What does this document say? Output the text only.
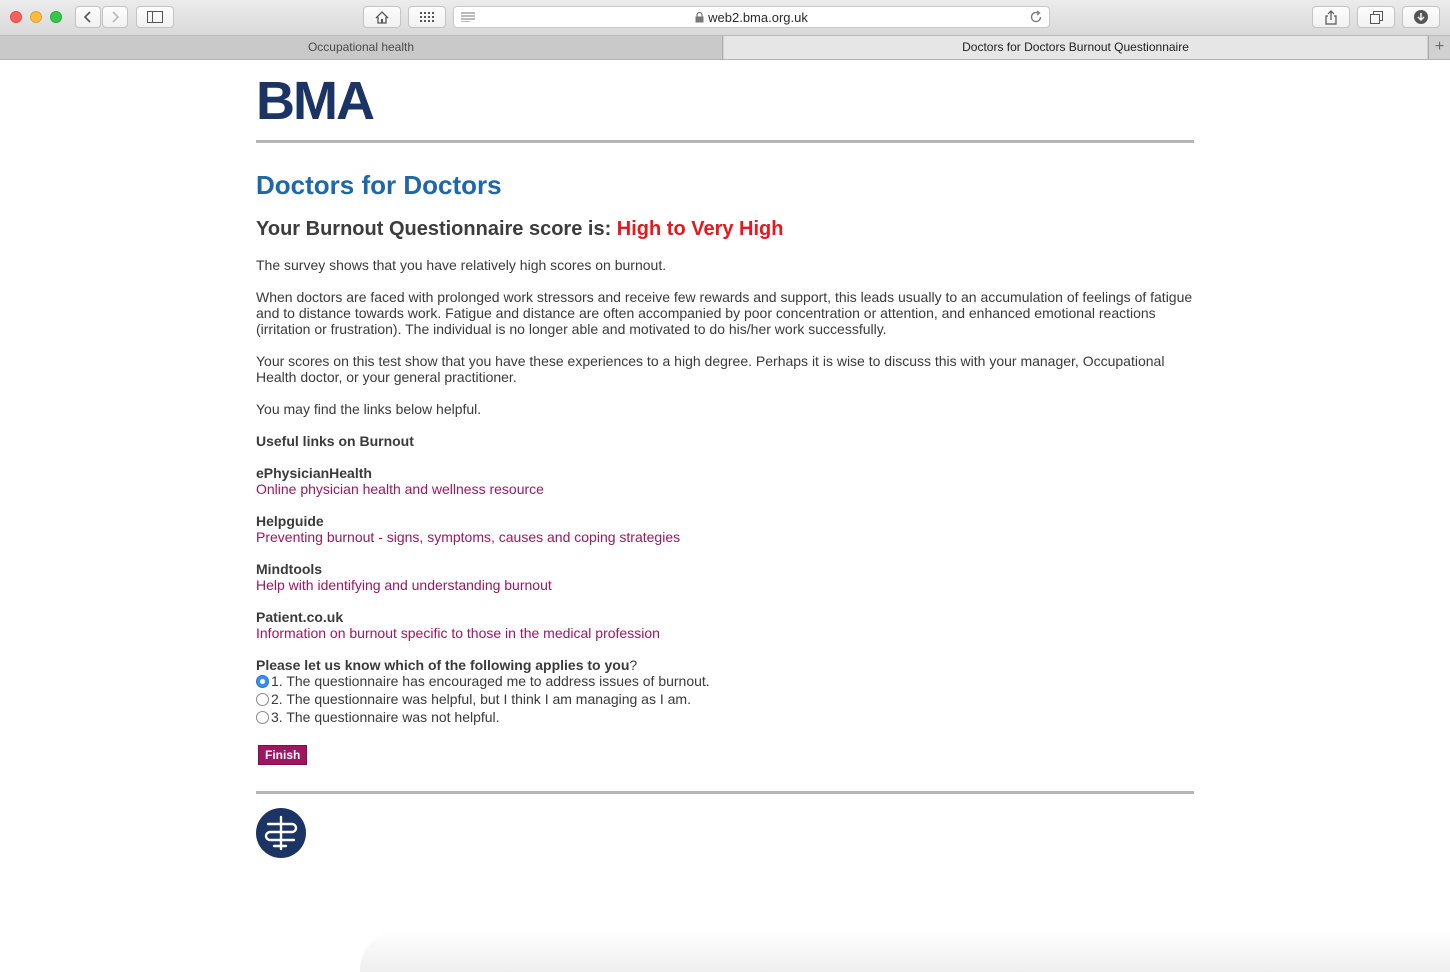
web2.bma.org.uk
Occupational health	Doctors for Doctors Burnout Questionnaire	+
BMA
Doctors for Doctors
Your Burnout Questionnaire score is: High to Very High
The survey shows that you have relatively high scores on burnout.
When doctors are faced with prolonged work stressors and receive few rewards and support, this leads usually to an accumulation of feelings of fatigue and to distance towards work. Fatigue and distance are often accompanied by poor concentration or attention, and enhanced emotional reactions (irritation or frustration). The individual is no longer able and motivated to do his/her work successfully.
Your scores on this test show that you have these experiences to a high degree. Perhaps it is wise to discuss this with your manager, Occupational Health doctor, or your general practitioner.
You may find the links below helpful.
Useful links on Burnout
ePhysicianHealth
Online physician health and wellness resource
Helpguide
Preventing burnout - signs, symptoms, causes and coping strategies
Mindtools
Help with identifying and understanding burnout
Patient.co.uk
Information on burnout specific to those in the medical profession
Please let us know which of the following applies to you?
1. The questionnaire has encouraged me to address issues of burnout.
2. The questionnaire was helpful, but I think I am managing as I am.
3. The questionnaire was not helpful.
Finish
